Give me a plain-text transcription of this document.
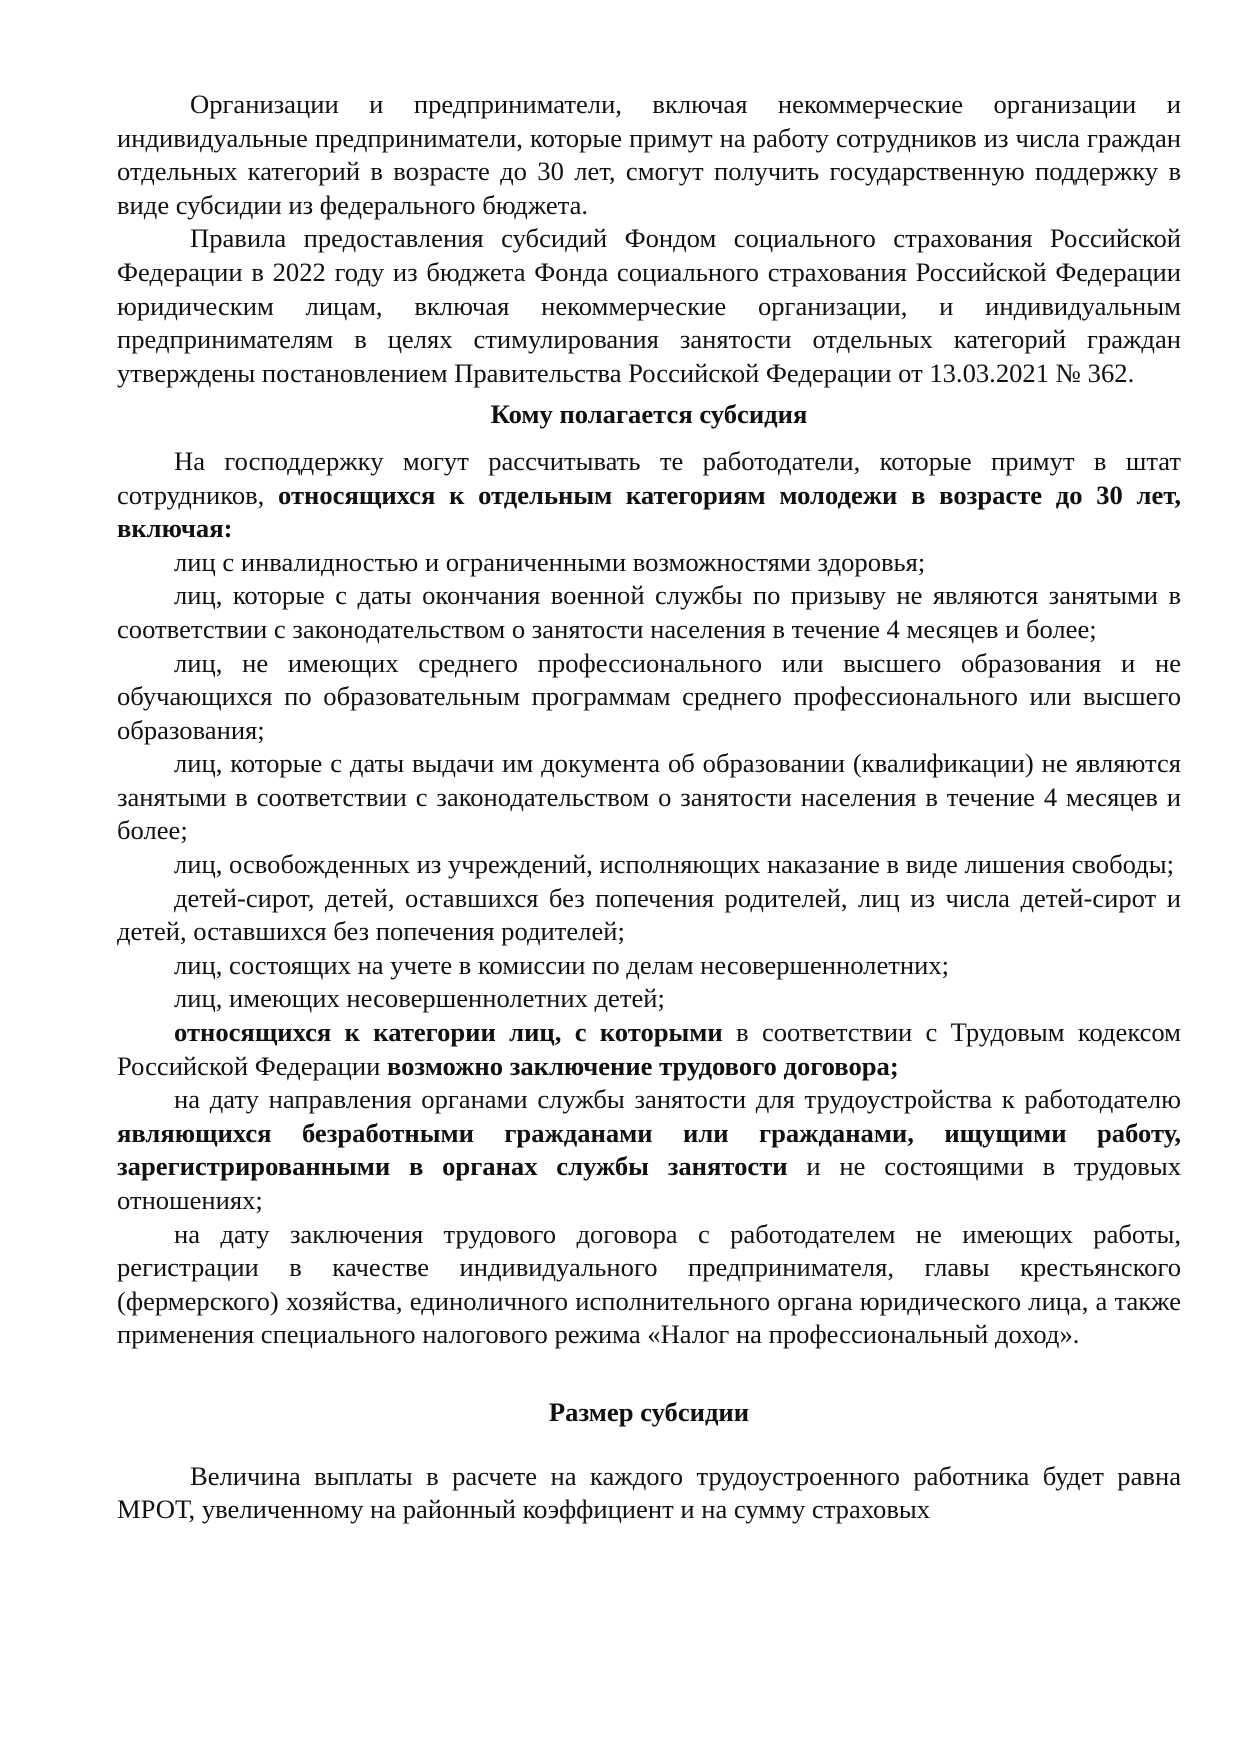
Организации и предприниматели, включая некоммерческие организации и индивидуальные предприниматели, которые примут на работу сотрудников из числа граждан отдельных категорий в возрасте до 30 лет, смогут получить государственную поддержку в виде субсидии из федерального бюджета.

Правила предоставления субсидий Фондом социального страхования Российской Федерации в 2022 году из бюджета Фонда социального страхования Российской Федерации юридическим лицам, включая некоммерческие организации, и индивидуальным предпринимателям в целях стимулирования занятости отдельных категорий граждан утверждены постановлением Правительства Российской Федерации от 13.03.2021 № 362.

Кому полагается субсидия

На господдержку могут рассчитывать те работодатели, которые примут в штат сотрудников, относящихся к отдельным категориям молодежи в возрасте до 30 лет, включая:

лиц с инвалидностью и ограниченными возможностями здоровья;

лиц, которые с даты окончания военной службы по призыву не являются занятыми в соответствии с законодательством о занятости населения в течение 4 месяцев и более;

лиц, не имеющих среднего профессионального или высшего образования и не обучающихся по образовательным программам среднего профессионального или высшего образования;

лиц, которые с даты выдачи им документа об образовании (квалификации) не являются занятыми в соответствии с законодательством о занятости населения в течение 4 месяцев и более;

лиц, освобожденных из учреждений, исполняющих наказание в виде лишения свободы;

детей-сирот, детей, оставшихся без попечения родителей, лиц из числа детей-сирот и детей, оставшихся без попечения родителей;

лиц, состоящих на учете в комиссии по делам несовершеннолетних;

лиц, имеющих несовершеннолетних детей;

относящихся к категории лиц, с которыми в соответствии с Трудовым кодексом Российской Федерации возможно заключение трудового договора;

на дату направления органами службы занятости для трудоустройства к работодателю являющихся безработными гражданами или гражданами, ищущими работу, зарегистрированными в органах службы занятости и не состоящими в трудовых отношениях;

на дату заключения трудового договора с работодателем не имеющих работы, регистрации в качестве индивидуального предпринимателя, главы крестьянского (фермерского) хозяйства, единоличного исполнительного органа юридического лица, а также применения специального налогового режима «Налог на профессиональный доход».

Размер субсидии

Величина выплаты в расчете на каждого трудоустроенного работника будет равна МРОТ, увеличенному на районный коэффициент и на сумму страховых
